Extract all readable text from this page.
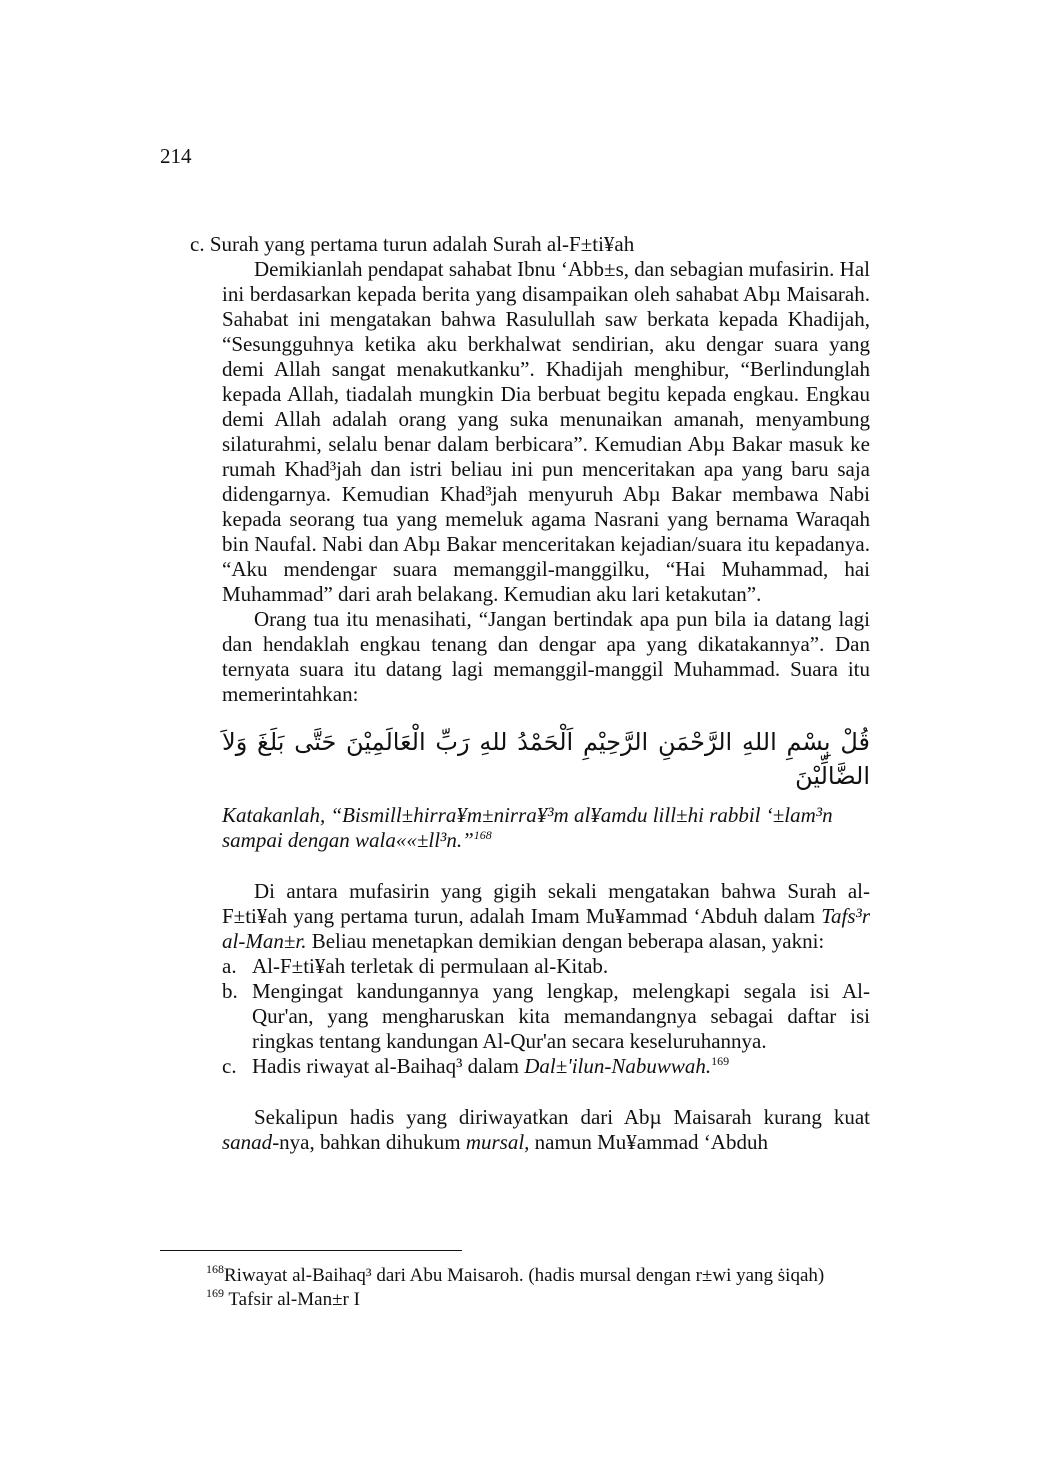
214

c. Surah yang pertama turun adalah Surah al-F±ti¥ah

Demikianlah pendapat sahabat Ibnu ‘Abb±s, dan sebagian mufasirin. Hal ini berdasarkan kepada berita yang disampaikan oleh sahabat Abµ Maisarah. Sahabat ini mengatakan bahwa Rasulullah saw berkata kepada Khadijah, “Sesungguhnya ketika aku berkhalwat sendirian, aku dengar suara yang demi Allah sangat menakutkanku”. Khadijah menghibur, “Berlindunglah kepada Allah, tiadalah mungkin Dia berbuat begitu kepada engkau. Engkau demi Allah adalah orang yang suka menunaikan amanah, menyambung silaturahmi, selalu benar dalam berbicara”. Kemudian Abµ Bakar masuk ke rumah Khad³jah dan istri beliau ini pun menceritakan apa yang baru saja didengarnya. Kemudian Khad³jah menyuruh Abµ Bakar membawa Nabi kepada seorang tua yang memeluk agama Nasrani yang bernama Waraqah bin Naufal. Nabi dan Abµ Bakar menceritakan kejadian/suara itu kepadanya. “Aku mendengar suara memanggil-manggilku, “Hai Muhammad, hai Muhammad” dari arah belakang. Kemudian aku lari ketakutan”.

Orang tua itu menasihati, “Jangan bertindak apa pun bila ia datang lagi dan hendaklah engkau tenang dan dengar apa yang dikatakannya”. Dan ternyata suara itu datang lagi memanggil-manggil Muhammad. Suara itu memerintahkan:

قُلْ بِسْمِ اللهِ الرَّحْمَنِ الرَّحِيْمِ اَلْحَمْدُ للهِ رَبِّ الْعَالَمِيْنَ حَتَّى بَلَغَ وَلاَ الضَّالِّيْنَ

Katakanlah, “Bismill±hirra¥m±nirra¥³m al¥amdu lill±hi rabbil ‘±lam³n sampai dengan wala««±ll³n.”$^{168}$

Di antara mufasirin yang gigih sekali mengatakan bahwa Surah al-F±ti¥ah yang pertama turun, adalah Imam Mu¥ammad ‘Abduh dalam Tafs³r al-Man±r. Beliau menetapkan demikian dengan beberapa alasan, yakni:

a. Al-F±ti¥ah terletak di permulaan al-Kitab.
b. Mengingat kandungannya yang lengkap, melengkapi segala isi Al-Qur'an, yang mengharuskan kita memandangnya sebagai daftar isi ringkas tentang kandungan Al-Qur'an secara keseluruhannya.
c. Hadis riwayat al-Baihaq³ dalam Dal±'ilun-Nabuwwah.$^{169}$

Sekalipun hadis yang diriwayatkan dari Abµ Maisarah kurang kuat sanad-nya, bahkan dihukum mursal, namun Mu¥ammad ‘Abduh

$^{168}$Riwayat al-Baihaq³ dari Abu Maisaroh. (hadis mursal dengan r±wi yang ṡiqah)

$^{169}$ Tafsir al-Man±r I
